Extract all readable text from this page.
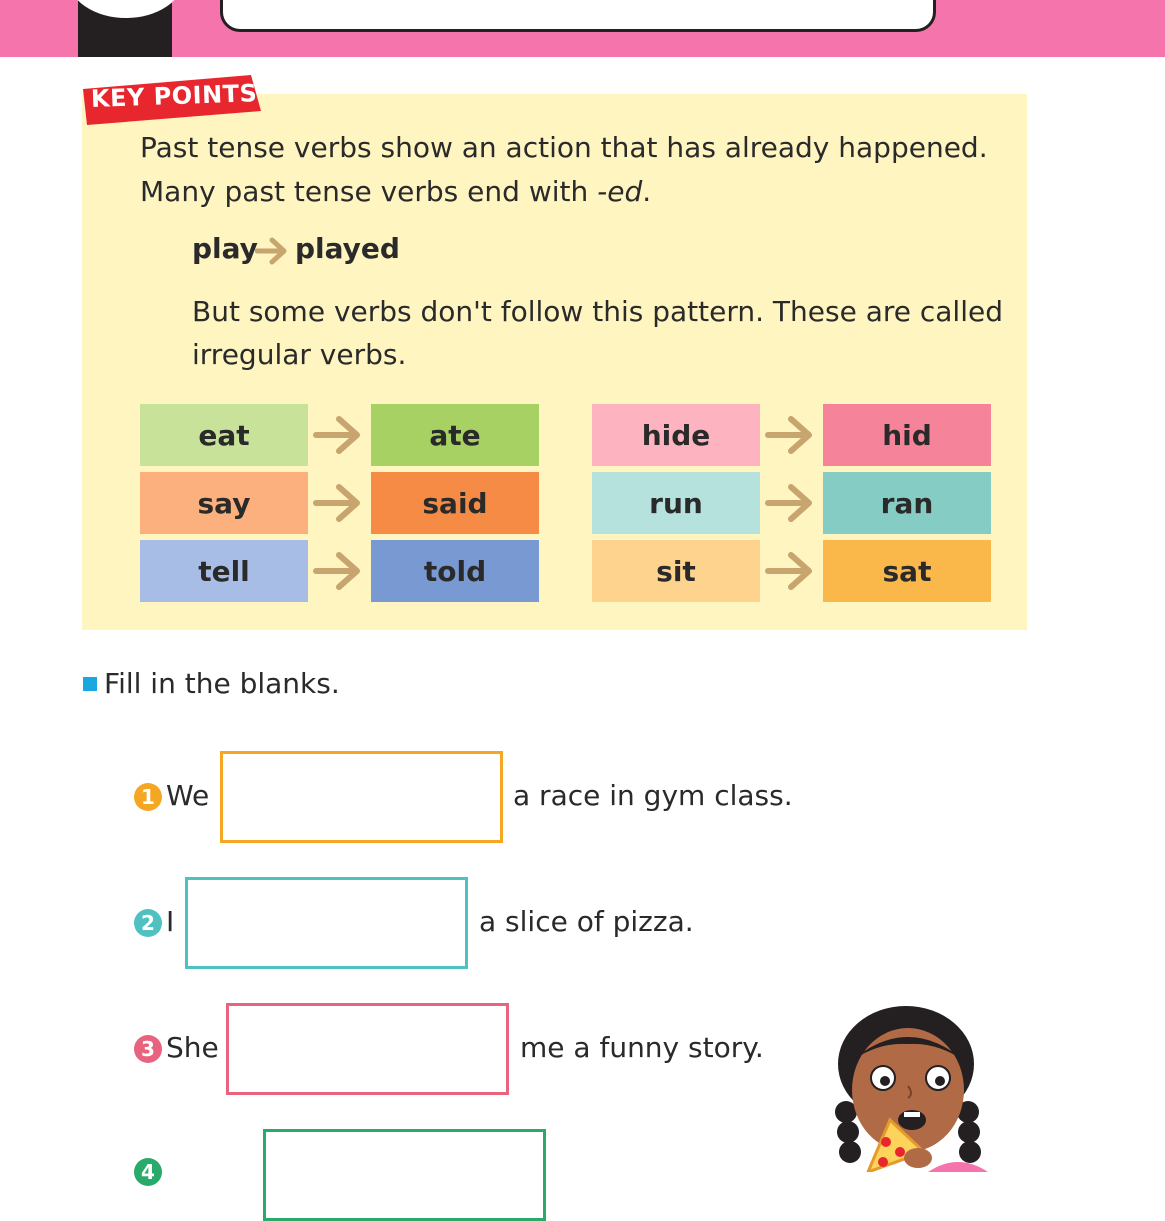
KEY POINTS
Past tense verbs show an action that has already happened.
Many past tense verbs end with -ed.
play played
But some verbs don't follow this pattern. These are called
irregular verbs.
eat	ate
say	said
tell	told
hide	hid
run	ran
sit	sat
Fill in the blanks.
1 We	a race in gym class.
2 I	a slice of pizza.
3 She	me a funny story.
4
